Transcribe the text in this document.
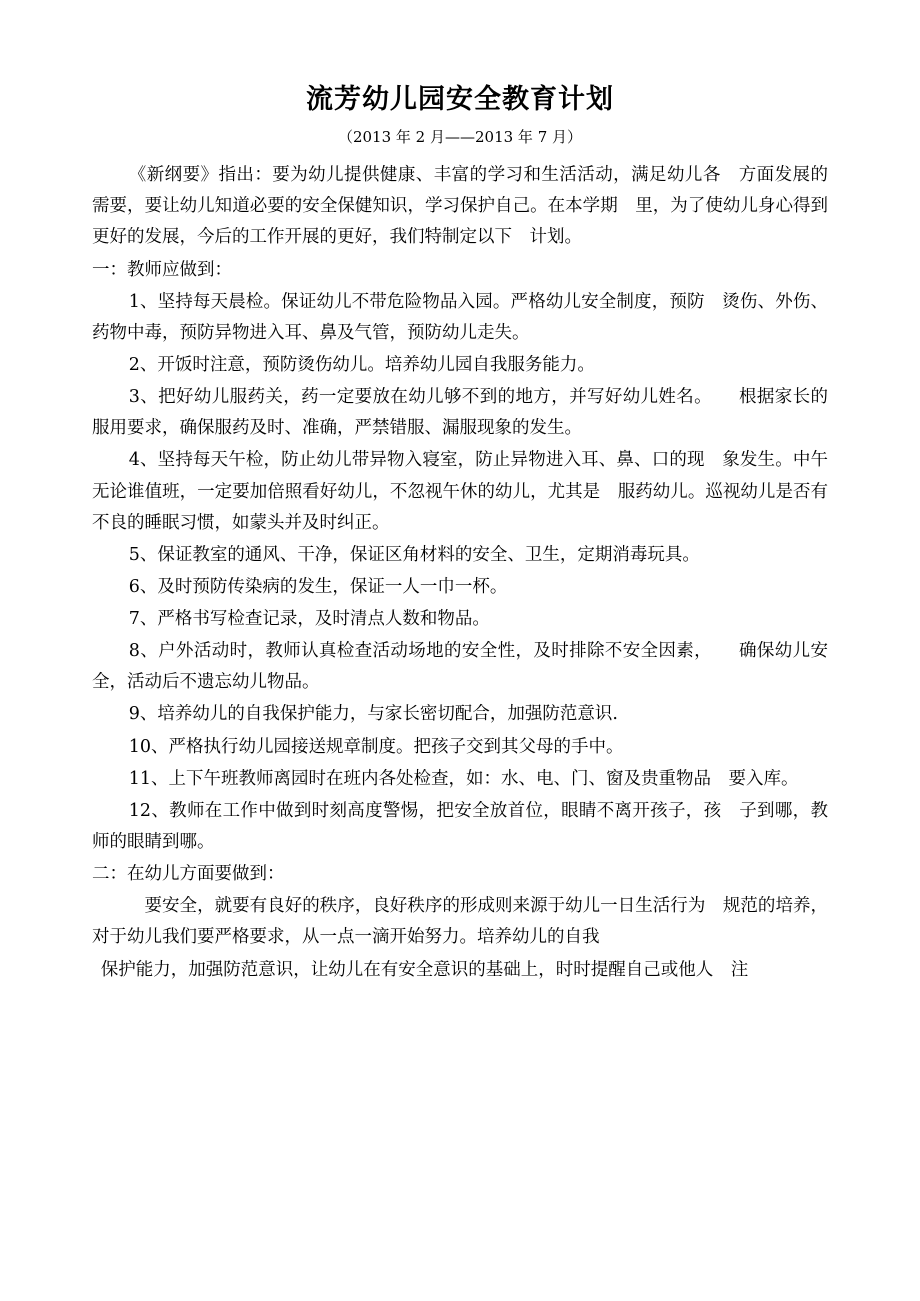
流芳幼儿园安全教育计划
（2013 年 2 月——2013 年 7 月）

《新纲要》指出：要为幼儿提供健康、丰富的学习和生活活动，满足幼儿各　方面发展的需要，要让幼儿知道必要的安全保健知识，学习保护自己。在本学期　里，为了使幼儿身心得到更好的发展，今后的工作开展的更好，我们特制定以下　计划。

一：教师应做到：

1、坚持每天晨检。保证幼儿不带危险物品入园。严格幼儿安全制度，预防　烫伤、外伤、药物中毒，预防异物进入耳、鼻及气管，预防幼儿走失。

2、开饭时注意，预防烫伤幼儿。培养幼儿园自我服务能力。

3、把好幼儿服药关，药一定要放在幼儿够不到的地方，并写好幼儿姓名。　　根据家长的服用要求，确保服药及时、准确，严禁错服、漏服现象的发生。

4、坚持每天午检，防止幼儿带异物入寝室，防止异物进入耳、鼻、口的现　象发生。中午无论谁值班，一定要加倍照看好幼儿，不忽视午休的幼儿，尤其是　服药幼儿。巡视幼儿是否有不良的睡眠习惯，如蒙头并及时纠正。

5、保证教室的通风、干净，保证区角材料的安全、卫生，定期消毒玩具。

6、及时预防传染病的发生，保证一人一巾一杯。

7、严格书写检查记录，及时清点人数和物品。

8、户外活动时，教师认真检查活动场地的安全性，及时排除不安全因素，　　确保幼儿安全，活动后不遗忘幼儿物品。

9、培养幼儿的自我保护能力，与家长密切配合，加强防范意识.

10、严格执行幼儿园接送规章制度。把孩子交到其父母的手中。

11、上下午班教师离园时在班内各处检查，如：水、电、门、窗及贵重物品　要入库。

12、教师在工作中做到时刻高度警惕，把安全放首位，眼睛不离开孩子，孩　子到哪，教师的眼睛到哪。

二：在幼儿方面要做到：

要安全，就要有良好的秩序，良好秩序的形成则来源于幼儿一日生活行为　规范的培养，对于幼儿我们要严格要求，从一点一滴开始努力。培养幼儿的自我

保护能力，加强防范意识，让幼儿在有安全意识的基础上，时时提醒自己或他人　注
